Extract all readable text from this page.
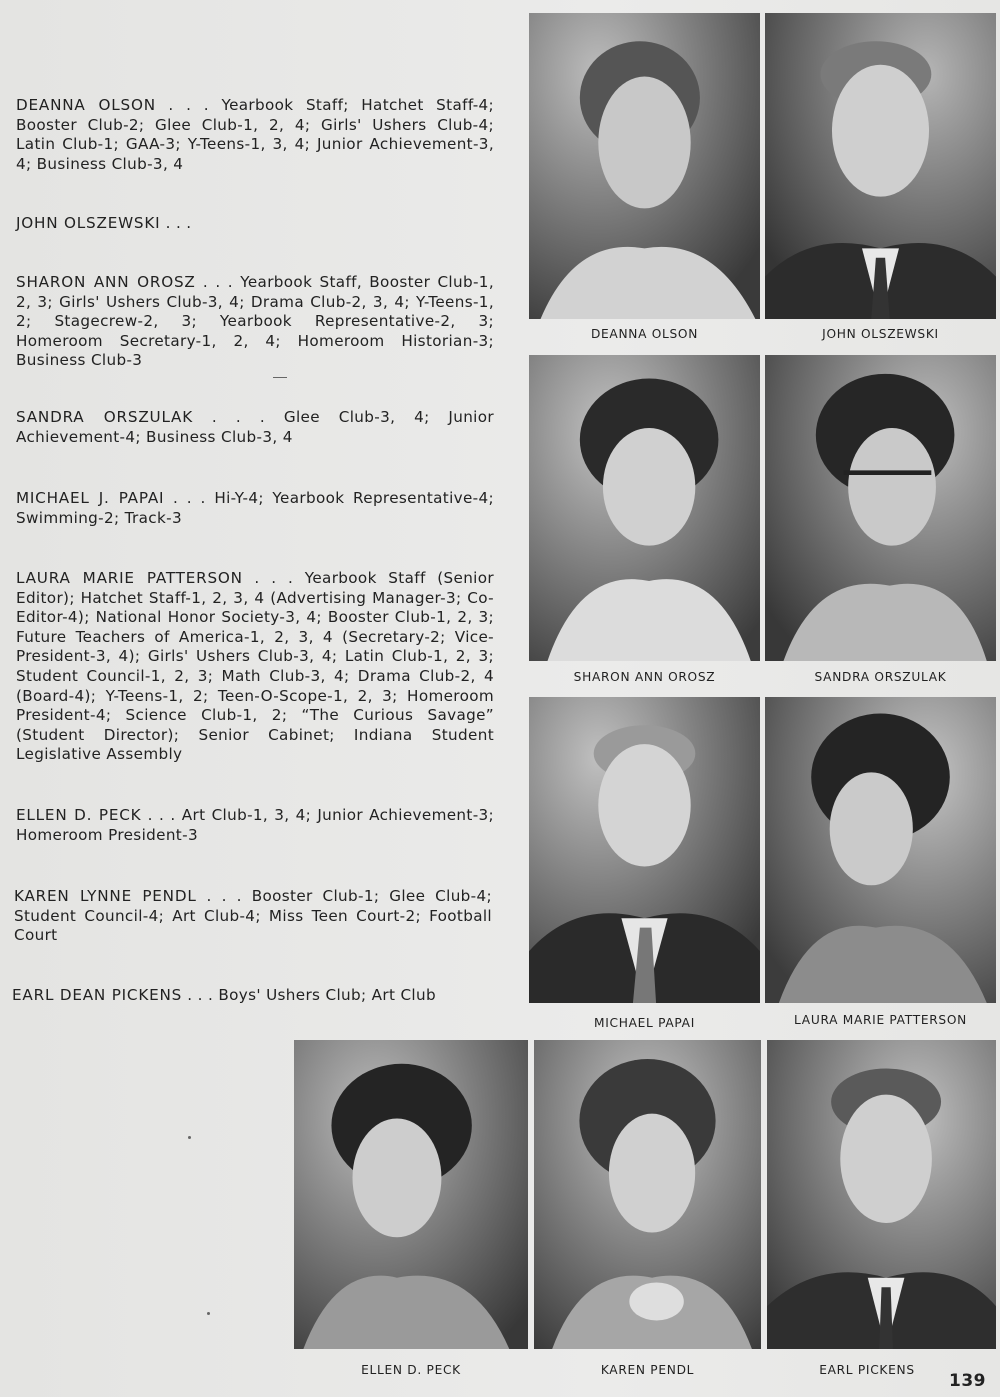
DEANNA OLSON . . . Yearbook Staff; Hatchet Staff-4; Booster Club-2; Glee Club-1, 2, 4; Girls' Ushers Club-4; Latin Club-1; GAA-3; Y-Teens-1, 3, 4; Junior Achievement-3, 4; Business Club-3, 4
JOHN OLSZEWSKI . . .
SHARON ANN OROSZ . . . Yearbook Staff, Booster Club-1, 2, 3; Girls' Ushers Club-3, 4; Drama Club-2, 3, 4; Y-Teens-1, 2; Stagecrew-2, 3; Yearbook Representative-2, 3; Homeroom Secretary-1, 2, 4; Homeroom Historian-3; Business Club-3
SANDRA ORSZULAK . . . Glee Club-3, 4; Junior Achievement-4; Business Club-3, 4
MICHAEL J. PAPAI . . . Hi-Y-4; Yearbook Representative-4; Swimming-2; Track-3
LAURA MARIE PATTERSON . . . Yearbook Staff (Senior Editor); Hatchet Staff-1, 2, 3, 4 (Advertising Manager-3; Co-Editor-4); National Honor Society-3, 4; Booster Club-1, 2, 3; Future Teachers of America-1, 2, 3, 4 (Secretary-2; Vice-President-3, 4); Girls' Ushers Club-3, 4; Latin Club-1, 2, 3; Student Council-1, 2, 3; Math Club-3, 4; Drama Club-2, 4 (Board-4); Y-Teens-1, 2; Teen-O-Scope-1, 2, 3; Homeroom President-4; Science Club-1, 2; “The Curious Savage” (Student Director); Senior Cabinet; Indiana Student Legislative Assembly
ELLEN D. PECK . . . Art Club-1, 3, 4; Junior Achievement-3; Homeroom President-3
KAREN LYNNE PENDL . . . Booster Club-1; Glee Club-4; Student Council-4; Art Club-4; Miss Teen Court-2; Football Court
EARL DEAN PICKENS . . . Boys' Ushers Club; Art Club
DEANNA OLSON	JOHN OLSZEWSKI
SHARON ANN OROSZ	SANDRA ORSZULAK
MICHAEL PAPAI	LAURA MARIE PATTERSON
ELLEN D. PECK	KAREN PENDL	EARL PICKENS
139
